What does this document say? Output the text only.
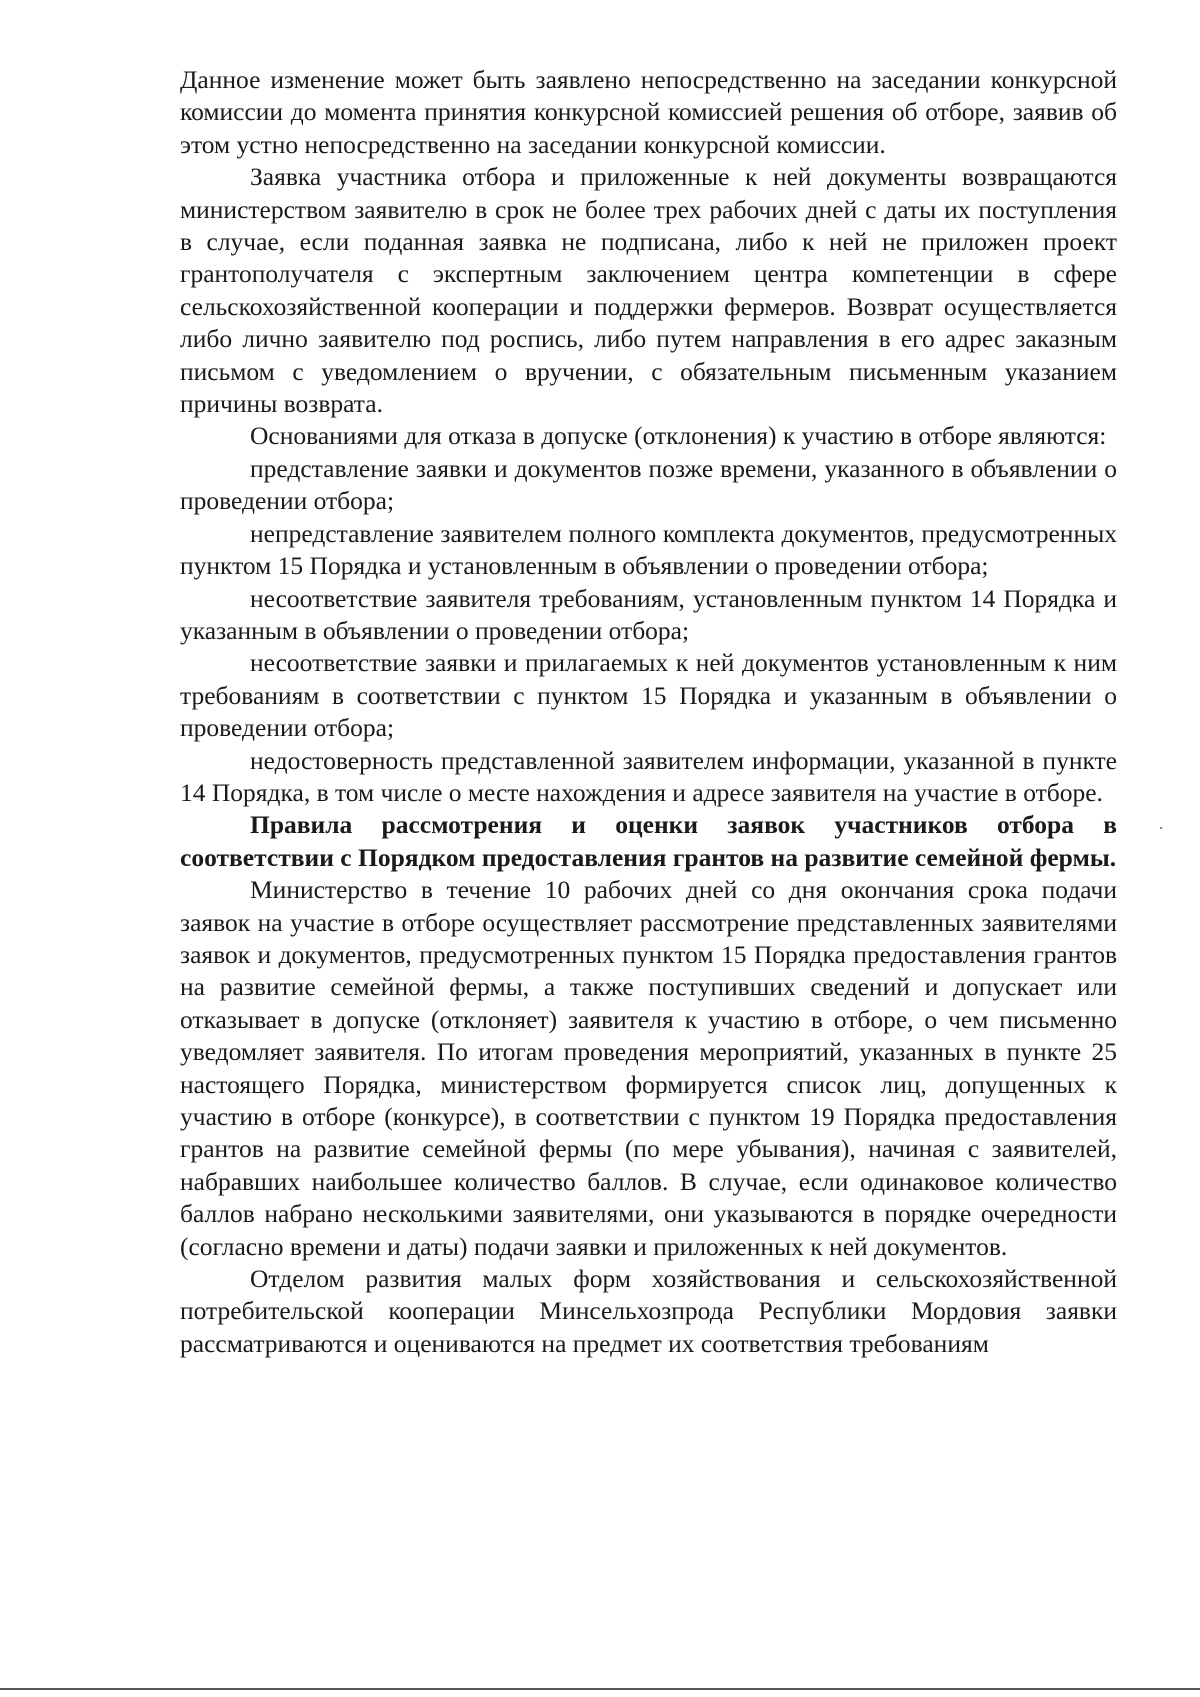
Данное изменение может быть заявлено непосредственно на заседании конкурсной комиссии до момента принятия конкурсной комиссией решения об отборе, заявив об этом устно непосредственно на заседании конкурсной комиссии.

Заявка участника отбора и приложенные к ней документы возвращаются министерством заявителю в срок не более трех рабочих дней с даты их поступления в случае, если поданная заявка не подписана, либо к ней не приложен проект грантополучателя с экспертным заключением центра компетенции в сфере сельскохозяйственной кооперации и поддержки фермеров. Возврат осуществляется либо лично заявителю под роспись, либо путем направления в его адрес заказным письмом с уведомлением о вручении, с обязательным письменным указанием причины возврата.

Основаниями для отказа в допуске (отклонения) к участию в отборе являются:

представление заявки и документов позже времени, указанного в объявлении о проведении отбора;

непредставление заявителем полного комплекта документов, предусмотренных пунктом 15 Порядка и установленным в объявлении о проведении отбора;

несоответствие заявителя требованиям, установленным пунктом 14 Порядка и указанным в объявлении о проведении отбора;

несоответствие заявки и прилагаемых к ней документов установленным к ним требованиям в соответствии с пунктом 15 Порядка и указанным в объявлении о проведении отбора;

недостоверность представленной заявителем информации, указанной в пункте 14 Порядка, в том числе о месте нахождения и адресе заявителя на участие в отборе.

Правила рассмотрения и оценки заявок участников отбора в соответствии с Порядком предоставления грантов на развитие семейной фермы.

Министерство в течение 10 рабочих дней со дня окончания срока подачи заявок на участие в отборе осуществляет рассмотрение представленных заявителями заявок и документов, предусмотренных пунктом 15 Порядка предоставления грантов на развитие семейной фермы, а также поступивших сведений и допускает или отказывает в допуске (отклоняет) заявителя к участию в отборе, о чем письменно уведомляет заявителя. По итогам проведения мероприятий, указанных в пункте 25 настоящего Порядка, министерством формируется список лиц, допущенных к участию в отборе (конкурсе), в соответствии с пунктом 19 Порядка предоставления грантов на развитие семейной фермы (по мере убывания), начиная с заявителей, набравших наибольшее количество баллов. В случае, если одинаковое количество баллов набрано несколькими заявителями, они указываются в порядке очередности (согласно времени и даты) подачи заявки и приложенных к ней документов.

Отделом развития малых форм хозяйствования и сельскохозяйственной потребительской кооперации Минсельхозпрода Республики Мордовия заявки рассматриваются и оцениваются на предмет их соответствия требованиям
